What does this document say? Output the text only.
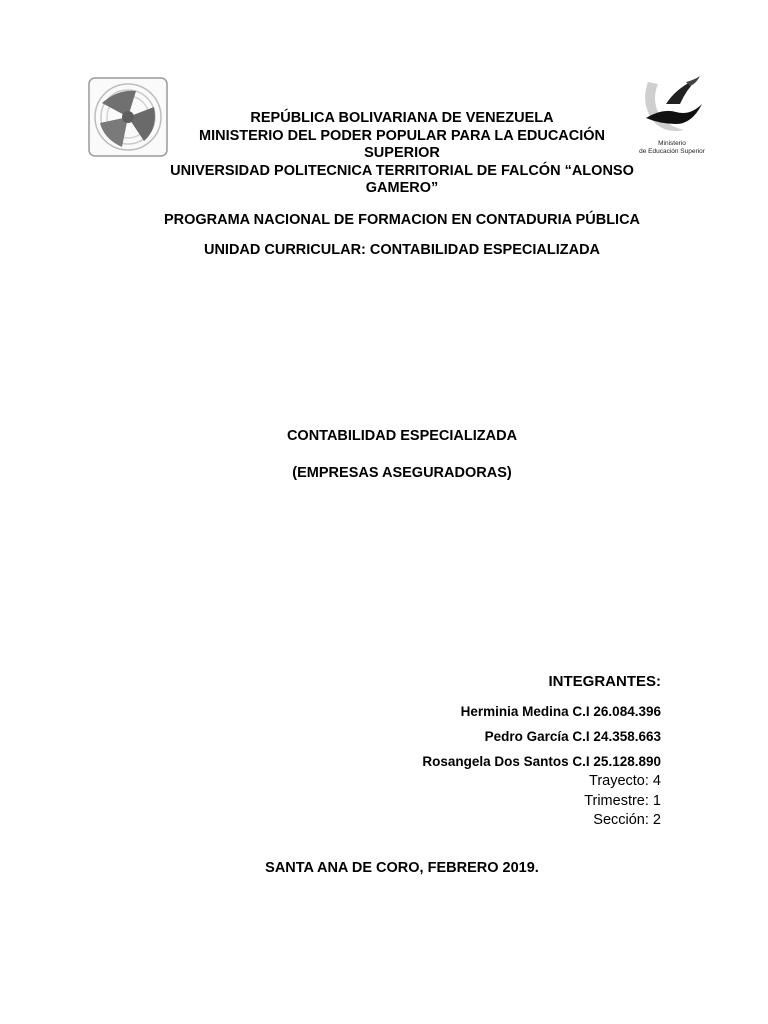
Ministerio
de Educación Superior
REPÚBLICA BOLIVARIANA DE VENEZUELA
MINISTERIO DEL PODER POPULAR PARA LA EDUCACIÓN
SUPERIOR
UNIVERSIDAD POLITECNICA TERRITORIAL DE FALCÓN “ALONSO
GAMERO”
PROGRAMA NACIONAL DE FORMACION EN CONTADURIA PÚBLICA
UNIDAD CURRICULAR: CONTABILIDAD ESPECIALIZADA
CONTABILIDAD ESPECIALIZADA
(EMPRESAS ASEGURADORAS)
INTEGRANTES:
Herminia Medina C.I 26.084.396
Pedro García C.I 24.358.663
Rosangela Dos Santos C.I 25.128.890
Trayecto: 4
Trimestre: 1
Sección: 2
SANTA ANA DE CORO, FEBRERO 2019.
